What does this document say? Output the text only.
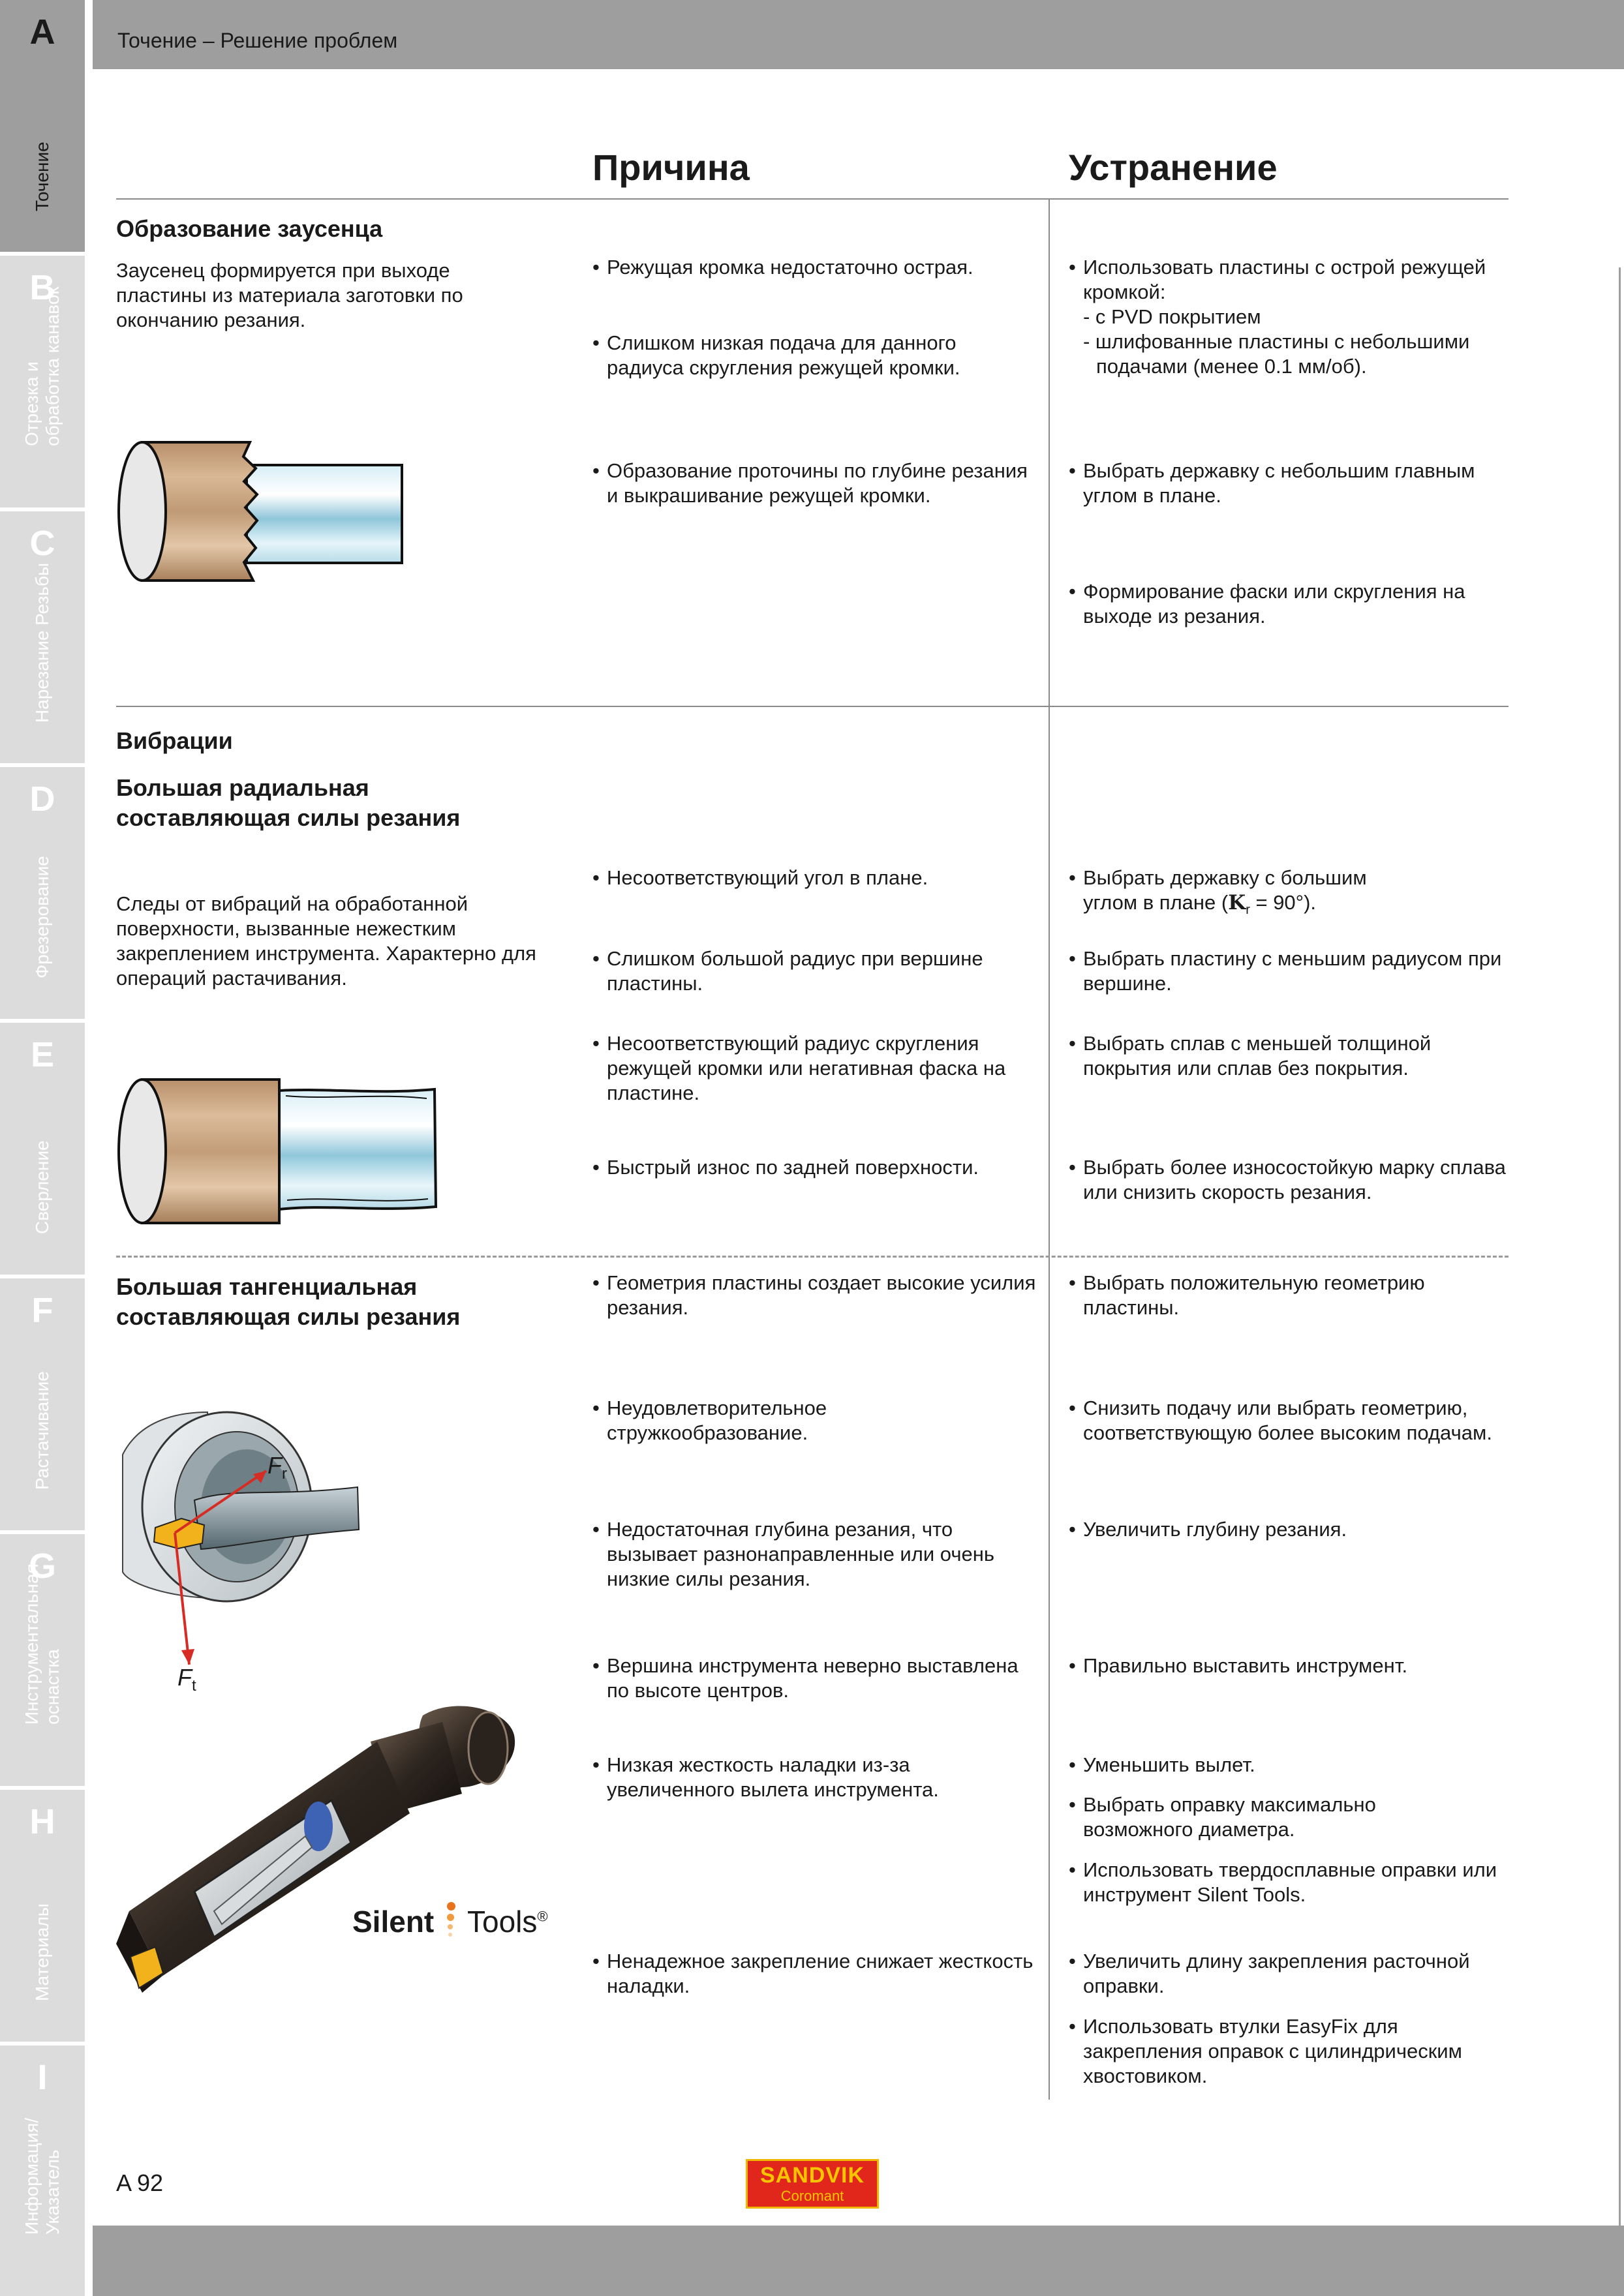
A
Точение
B
Отрезка и
обработка канавок
C
Нарезание Резьбы
D
Фрезерование
E
Сверление
F
Растачивание
G
Инструментальная
оснастка
H
Материалы
I
Информация/
Указатель
Точение – Решение проблем
Причина	Устранение
Образование заусенца
Заусенец формируется при выходе пластины из материала заготовки по окончанию резания.
• Режущая кромка недостаточно острая.
• Слишком низкая подача для данного радиуса скругления режущей кромки.
• Образование проточины по глубине резания и выкрашивание режущей кромки.
• Использовать пластины с острой режущей кромкой:
- с PVD покрытием
- шлифованные пластины с небольшими
подачами (менее 0.1 мм/об).
• Выбрать державку с небольшим главным углом в плане.
• Формирование фаски или скругления на выходе из резания.
Вибрации
Большая радиальная составляющая силы резания
Следы от вибраций на обработанной поверхности, вызванные нежестким закреплением инструмента. Характерно для операций растачивания.
• Несоответствующий угол в плане.
• Слишком большой радиус при вершине пластины.
• Несоответствующий радиус скругления режущей кромки или негативная фаска на пластине.
• Быстрый износ по задней поверхности.
• Выбрать державку с большим
углом в плане $(K_r = 90^\circ)$.
• Выбрать пластину с меньшим радиусом при вершине.
• Выбрать сплав с меньшей толщиной покрытия или сплав без покрытия.
• Выбрать более износостойкую марку сплава или снизить скорость резания.
Большая тангенциальная составляющая силы резания
$F_r$
$F_t$
Silent Tools®
• Геометрия пластины создает высокие усилия резания.
• Неудовлетворительное стружкообразование.
• Недостаточная глубина резания, что вызывает разнонаправленные или очень низкие силы резания.
• Вершина инструмента неверно выставлена по высоте центров.
• Низкая жесткость наладки из-за увеличенного вылета инструмента.
• Ненадежное закрепление снижает жесткость наладки.
• Выбрать положительную геометрию пластины.
• Снизить подачу или выбрать геометрию, соответствующую более высоким подачам.
• Увеличить глубину резания.
• Правильно выставить инструмент.
• Уменьшить вылет.
• Выбрать оправку максимально возможного диаметра.
• Использовать твердосплавные оправки или инструмент Silent Tools.
• Увеличить длину закрепления расточной оправки.
• Использовать втулки EasyFix для закрепления оправок с цилиндрическим хвостовиком.
A 92	SANDVIK
Coromant
